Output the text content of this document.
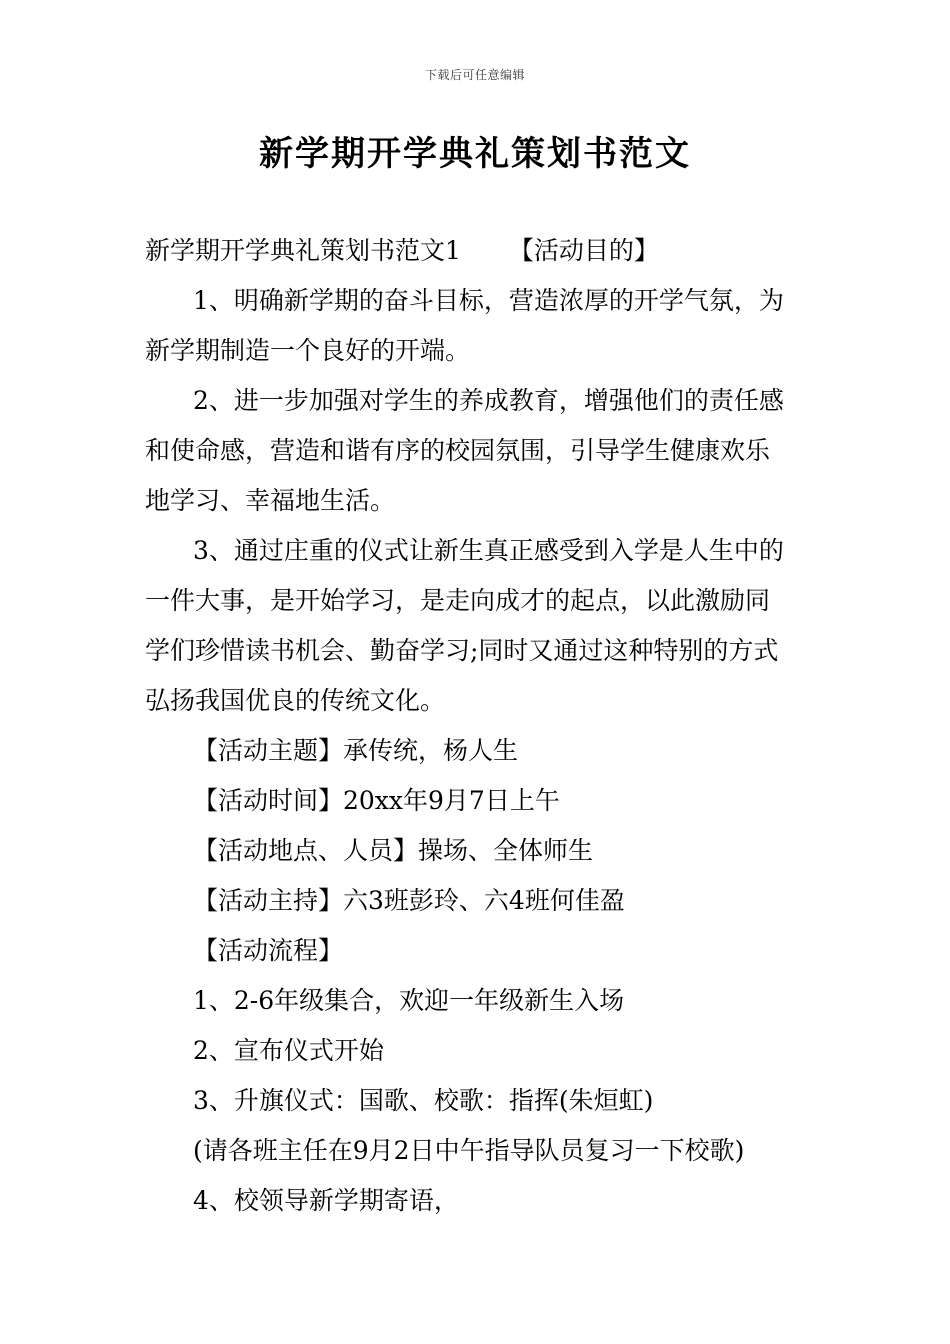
下载后可任意编辑
新学期开学典礼策划书范文
新学期开学典礼策划书范文1 【活动目的】
1、明确新学期的奋斗目标，营造浓厚的开学气氛，为
新学期制造一个良好的开端。
2、进一步加强对学生的养成教育，增强他们的责任感
和使命感，营造和谐有序的校园氛围，引导学生健康欢乐
地学习、幸福地生活。
3、通过庄重的仪式让新生真正感受到入学是人生中的
一件大事，是开始学习，是走向成才的起点，以此激励同
学们珍惜读书机会、勤奋学习;同时又通过这种特别的方式
弘扬我国优良的传统文化。
【活动主题】承传统，杨人生
【活动时间】20xx年9月7日上午
【活动地点、人员】操场、全体师生
【活动主持】六3班彭玲、六4班何佳盈
【活动流程】
1、2-6年级集合，欢迎一年级新生入场
2、宣布仪式开始
3、升旗仪式：国歌、校歌：指挥(朱烜虹)
(请各班主任在9月2日中午指导队员复习一下校歌)
4、校领导新学期寄语，
